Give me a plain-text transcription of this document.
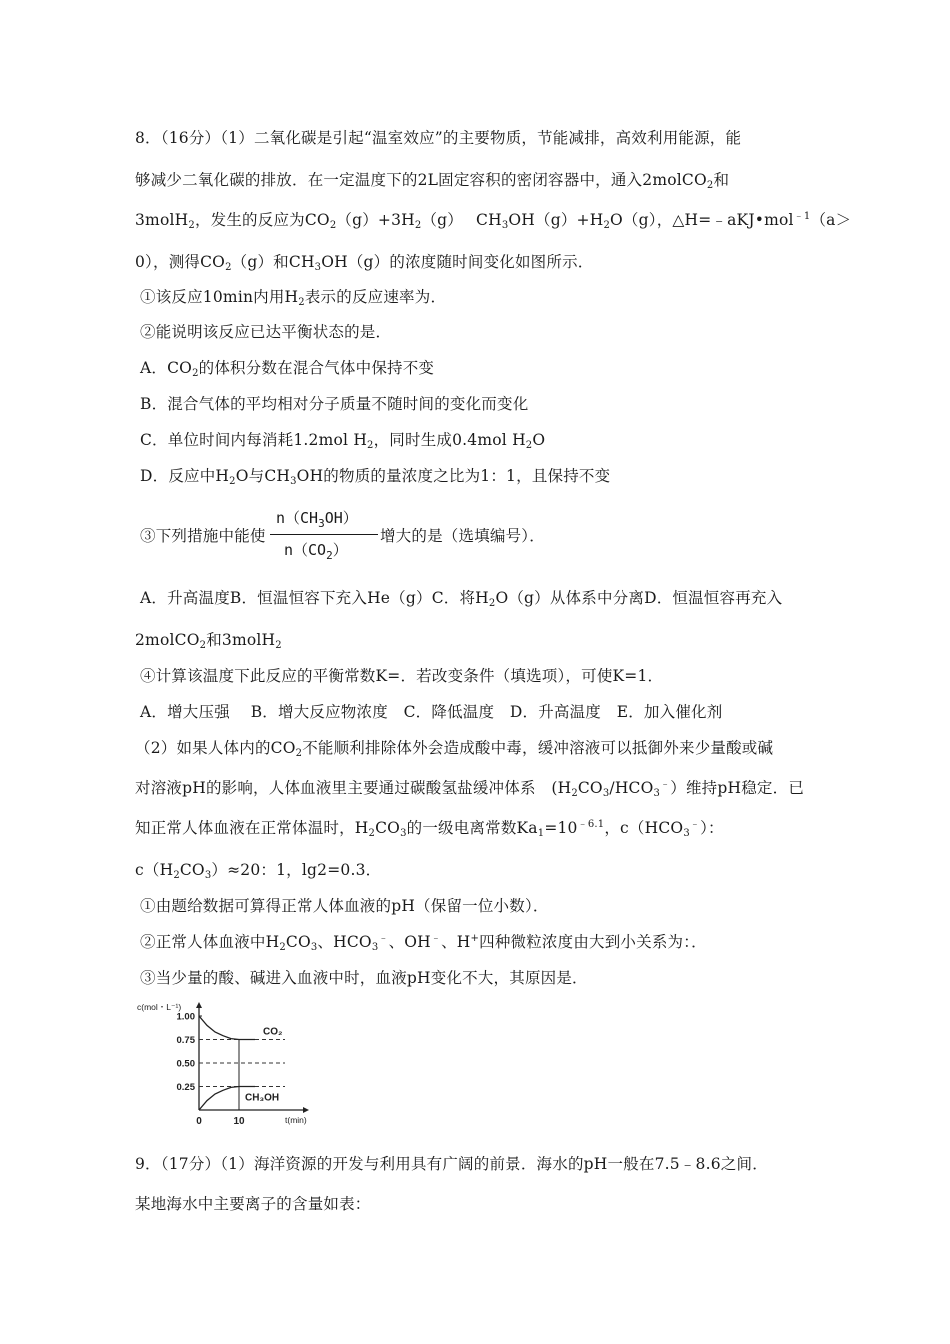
8．（16分）（1）二氧化碳是引起“温室效应”的主要物质，节能减排，高效利用能源，能
够减少二氧化碳的排放．在一定温度下的2L固定容积的密闭容器中，通入2molCO$_2$和
3molH$_2$，发生的反应为$CO_2(g)+3H_2(g)$　 $CH_3OH(g)+H_2O(g)$，△H=﹣aKJ•mol$^{﹣1}$（a＞
0），测得$CO_2(g)$和$CH_3OH(g)$的浓度随时间变化如图所示．
①该反应10min内用$H_2$表示的反应速率为．
②能说明该反应已达平衡状态的是．
A．$CO_2$的体积分数在混合气体中保持不变
B．混合气体的平均相对分子质量不随时间的变化而变化
C．单位时间内每消耗1.2mol $H_2$，同时生成0.4mol $H_2O$
D．反应中$H_2O$与$CH_3OH$的物质的量浓度之比为1：1，且保持不变
③下列措施中能使
$n(CH_3OH)$
$n(CO_2)$
增大的是（选填编号）．
A．升高温度B．恒温恒容下充入He（g）C．将$H_2O(g)$从体系中分离D．恒温恒容再充入
2molCO$_2$和3molH$_2$
④计算该温度下此反应的平衡常数K=．若改变条件（填选项），可使K=1．
A．增大压强　 B．增大反应物浓度　C．降低温度　D．升高温度　E．加入催化剂
（2）如果人体内的$CO_2$不能顺利排除体外会造成酸中毒，缓冲溶液可以抵御外来少量酸或碱
对溶液pH的影响，人体血液里主要通过碳酸氢盐缓冲体系　$(H_2CO_3/HCO_3^﹣)$维持pH稳定．已
知正常人体血液在正常体温时，$H_2CO_3$的一级电离常数$Ka_1=10^{﹣6.1}$，$c(HCO_3^﹣)$：
$c(H_2CO_3)\approx 20$：1，lg2=0.3．
①由题给数据可算得正常人体血液的pH（保留一位小数）．
②正常人体血液中$H_2CO_3$、$HCO_3^﹣$、OH﹣、H+四种微粒浓度由大到小关系为：．
③当少量的酸、碱进入血液中时，血液pH变化不大，其原因是．
c(mol・L⁻¹)
1.00
0.75
0.50
0.25
0	10	t(min)
CO₂
CH₃OH
9．（17分）（1）海洋资源的开发与利用具有广阔的前景．海水的pH一般在7.5﹣8.6之间．
某地海水中主要离子的含量如表：
